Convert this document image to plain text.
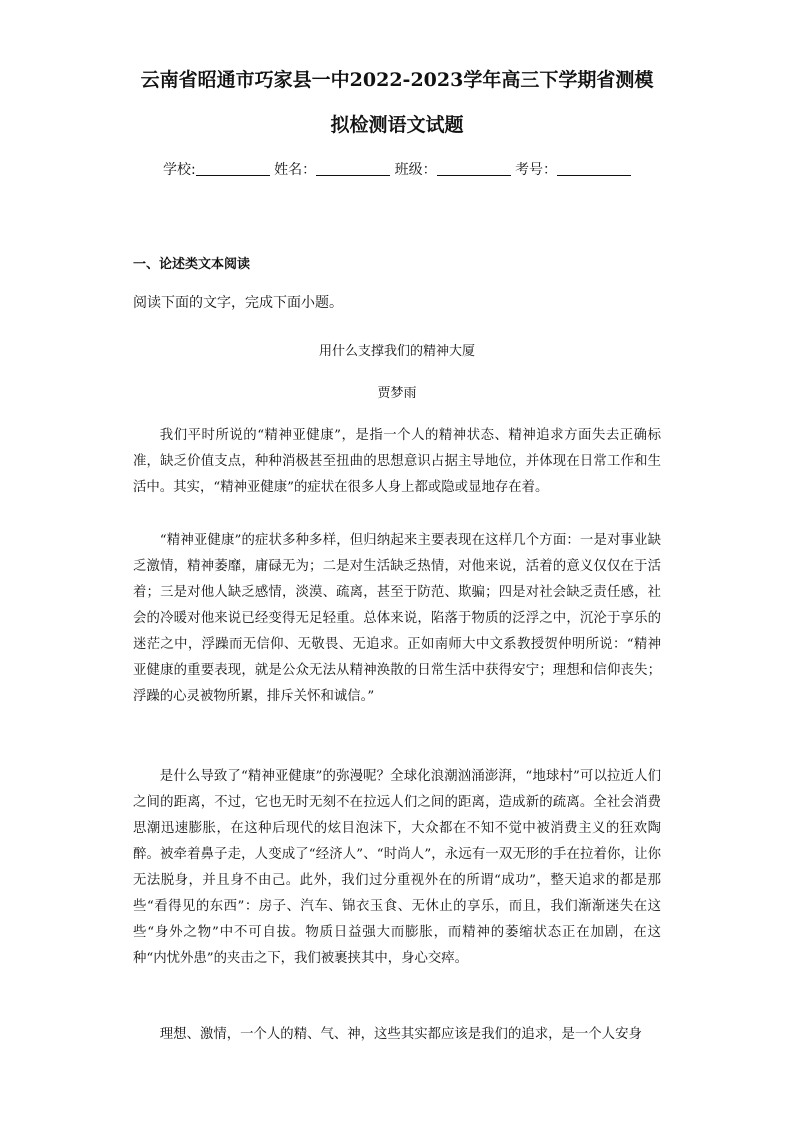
云南省昭通市巧家县一中2022-2023学年高三下学期省测模
拟检测语文试题
学校:	姓名：	班级：	考号：
一、论述类文本阅读
阅读下面的文字，完成下面小题。
用什么支撑我们的精神大厦
贾梦雨

我们平时所说的“精神亚健康”，是指一个人的精神状态、精神追求方面失去正确标准，缺乏价值支点，种种消极甚至扭曲的思想意识占据主导地位，并体现在日常工作和生活中。其实，“精神亚健康”的症状在很多人身上都或隐或显地存在着。

“精神亚健康”的症状多种多样，但归纳起来主要表现在这样几个方面：一是对事业缺乏激情，精神萎靡，庸碌无为；二是对生活缺乏热情，对他来说，活着的意义仅仅在于活着；三是对他人缺乏感情，淡漠、疏离，甚至于防范、欺骗；四是对社会缺乏责任感，社会的冷暖对他来说已经变得无足轻重。总体来说，陷落于物质的泛浮之中，沉沦于享乐的迷茫之中，浮躁而无信仰、无敬畏、无追求。正如南师大中文系教授贺仲明所说：“精神亚健康的重要表现，就是公众无法从精神涣散的日常生活中获得安宁；理想和信仰丧失；浮躁的心灵被物所累，排斥关怀和诚信。”

是什么导致了“精神亚健康”的弥漫呢？全球化浪潮汹涌澎湃，“地球村”可以拉近人们之间的距离，不过，它也无时无刻不在拉远人们之间的距离，造成新的疏离。全社会消费思潮迅速膨胀，在这种后现代的炫目泡沫下，大众都在不知不觉中被消费主义的狂欢陶醉。被牵着鼻子走，人变成了“经济人”、“时尚人”，永远有一双无形的手在拉着你，让你无法脱身，并且身不由己。此外，我们过分重视外在的所谓“成功”，整天追求的都是那些“看得见的东西”：房子、汽车、锦衣玉食、无休止的享乐，而且，我们渐渐迷失在这些“身外之物”中不可自拔。物质日益强大而膨胀，而精神的萎缩状态正在加剧，在这种“内忧外患”的夹击之下，我们被裹挟其中，身心交瘁。

理想、激情，一个人的精、气、神，这些其实都应该是我们的追求，是一个人安身
